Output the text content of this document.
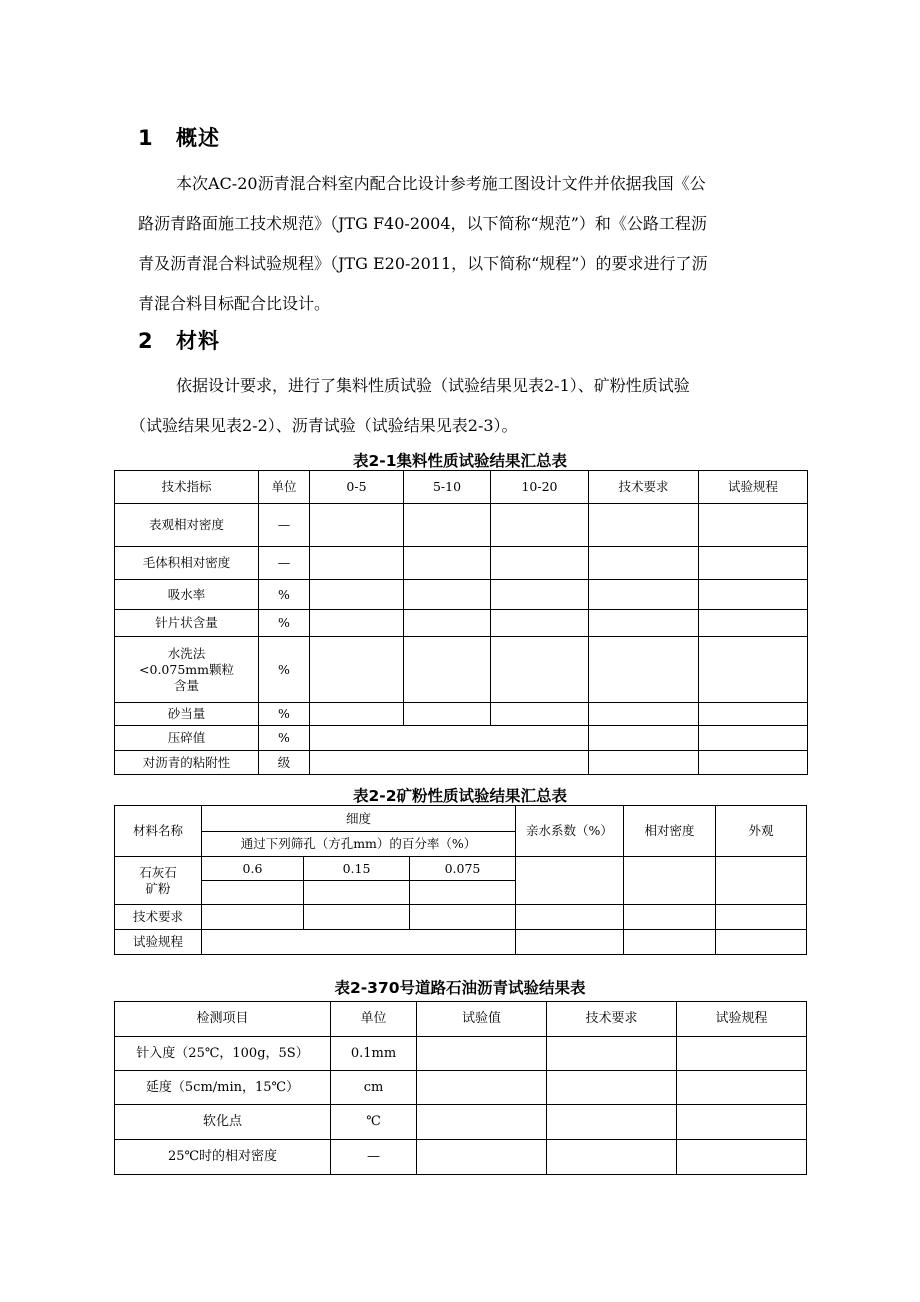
1 概述

本次AC-20沥青混合料室内配合比设计参考施工图设计文件并依据我国《公
路沥青路面施工技术规范》（JTG F40-2004，以下简称“规范”）和《公路工程沥
青及沥青混合料试验规程》（JTG E20-2011，以下简称“规程”）的要求进行了沥
青混合料目标配合比设计。

2 材料

依据设计要求，进行了集料性质试验（试验结果见表2-1）、矿粉性质试验
（试验结果见表2-2）、沥青试验（试验结果见表2-3）。

表2-1集料性质试验结果汇总表
技术指标	单位	0-5	5-10	10-20	技术要求	试验规程
表观相对密度	—					
毛体积相对密度	—					
吸水率	%					
针片状含量	%					
水洗法<0.075mm颗粒含量	%					
砂当量	%					
压碎值	%					
对沥青的粘附性	级					
表2-2矿粉性质试验结果汇总表
材料名称	细度			亲水系数（%）	相对密度	外观
	通过下列筛孔（方孔mm）的百分率（%）					
石灰石矿粉	0.6	0.15	0.075			

技术要求						
试验规程						
表2-370号道路石油沥青试验结果表
检测项目	单位	试验值	技术要求	试验规程
针入度（25℃，100g，5S）	0.1mm			
延度（5cm/min，15℃）	cm			
软化点	℃			
25℃时的相对密度	—			
